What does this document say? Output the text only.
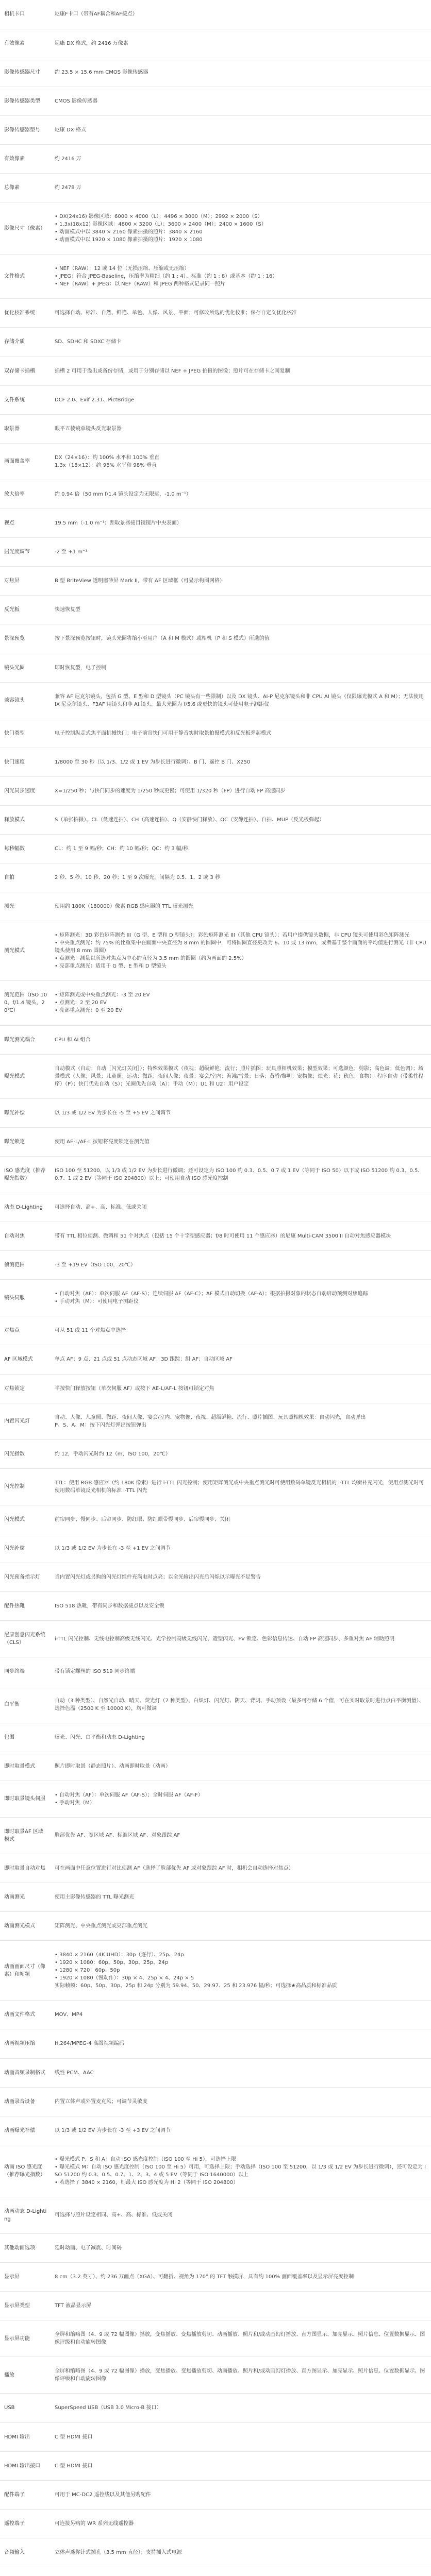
相机卡口	尼康F卡口（带有AF耦合和AF接点）
有效像素	尼康 DX 格式，约 2416 万像素
影像传感器尺寸	约 23.5 × 15.6 mm CMOS 影像传感器
影像传感器类型	CMOS 影像传感器
影像传感器型号	尼康 DX 格式
有效像素	约 2416 万
总像素	约 2478 万
影像尺寸（像素）	• DX(24x16) 影像区域：6000 × 4000（L）；4496 × 3000（M）；2992 × 2000（S）
• 1.3x(18x12) 影像区域：4800 × 3200（L）；3600 × 2400（M）；2400 × 1600（S）
• 动画模式中以 3840 × 2160 像素拍摄的照片：3840 × 2160
• 动画模式中以 1920 × 1080 像素拍摄的照片：1920 × 1080
文件格式	• NEF（RAW）：12 或 14 位（无损压缩、压缩或无压缩）
• JPEG：符合 JPEG-Baseline，压缩率为精细（约 1 : 4）、标准（约 1 : 8）或基本（约 1 : 16）
• NEF（RAW）+ JPEG：以 NEF（RAW）和 JPEG 两种格式记录同一照片
优化校准系统	可选择自动、标准、自然、鲜艳、单色、人像、风景、平面；可修改所选的优化校准；保存自定义优化校准
存储介质	SD、SDHC 和 SDXC 存储卡
双存储卡插槽	插槽 2 可用于溢出或备份存储，或用于分别存储以 NEF + JPEG 拍摄的图像；照片可在存储卡之间复制
文件系统	DCF 2.0、Exif 2.31、PictBridge
取景器	眼平五棱镜单镜头反光取景器
画面覆盖率	DX（24×16）：约 100% 水平和 100% 垂直
1.3x（18×12）：约 98% 水平和 98% 垂直
放大倍率	约 0.94 倍（50 mm f/1.4 镜头设定为无限远，-1.0 m⁻¹）
视点	19.5 mm（-1.0 m⁻¹；距取景器接目镜镜片中央表面）
屈光度调节	-2 至 +1 m⁻¹
对焦屏	B 型 BriteView 透明磨砂屏 Mark II，带有 AF 区域框（可显示构图网格）
反光板	快速恢复型
景深预览	按下景深预览按钮时，镜头光圈将缩小至用户（A 和 M 模式）或相机（P 和 S 模式）所选的值
镜头光圈	即时恢复型，电子控制
兼容镜头	兼容 AF 尼克尔镜头，包括 G 型、E 型和 D 型镜头（PC 镜头有一些限制）以及 DX 镜头、AI-P 尼克尔镜头和非 CPU AI 镜头（仅限曝光模式 A 和 M）；无法使用 IX 尼克尔镜头、F3AF 用镜头和非 AI 镜头。最大光圈为 f/5.6 或更快的镜头可使用电子测距仪
快门类型	电子控制纵走式焦平面机械快门；电子前帘快门可用于静音实时取景拍摄模式和反光板弹起模式
快门速度	1/8000 至 30 秒（以 1/3、1/2 或 1 EV 为步长进行微调）、B 门、遥控 B 门、X250
闪光同步速度	X=1/250 秒；与快门同步的速度为 1/250 秒或更慢；可使用 1/320 秒（FP）进行自动 FP 高速同步
释放模式	S（单张拍摄）、CL（低速连拍）、CH（高速连拍）、Q（安静快门释放）、QC（安静连拍）、自拍、MUP（反光板弹起）
每秒幅数	CL：约 1 至 9 幅/秒；CH：约 10 幅/秒；QC：约 3 幅/秒
自拍	2 秒、5 秒、10 秒、20 秒；1 至 9 次曝光，间隔为 0.5、1、2 或 3 秒
测光	使用约 180K（180000）像素 RGB 感应器的 TTL 曝光测光
测光模式	• 矩阵测光：3D 彩色矩阵测光 III（G 型、E 型和 D 型镜头）；彩色矩阵测光 III（其他 CPU 镜头）；若用户提供镜头数据，非 CPU 镜头可使用彩色矩阵测光
• 中央重点测光：约 75% 的比重集中在画面中央直径为 8 mm 的圆圈中，可将圆圈直径更改为 6、10 或 13 mm，或者基于整个画面的平均值进行测光（非 CPU 镜头使用 8 mm 圆圈）
• 点测光：测量以所选对焦点为中心的直径为 3.5 mm 的圆圈（约为画面的 2.5%）
• 亮部重点测光：适用于 G 型、E 型和 D 型镜头
测光范围（ISO 100，f/1.4 镜头，20℃）	• 矩阵测光或中央重点测光：-3 至 20 EV
• 点测光：2 至 20 EV
• 亮部重点测光：0 至 20 EV
曝光测光耦合	CPU 和 AI 组合
曝光模式	自动模式（自动；自动［闪光灯关闭］）；特殊效果模式（夜视；超级鲜艳；流行；照片插图；玩具照相机效果；模型效果；可选颜色；剪影；高色调；低色调）；场景模式（人像；风景；儿童照；运动；微距；夜间人像；夜景；宴会/室内；海滩/雪景；日落；黄昏/黎明；宠物像；烛光；花；秋色；食物）；程序自动（带柔性程序）（P）；快门优先自动（S）；光圈优先自动（A）；手动（M）；U1 和 U2：用户设定
曝光补偿	以 1/3 或 1/2 EV 为步长在 -5 至 +5 EV 之间调节
曝光锁定	使用 AE-L/AF-L 按钮将亮度锁定在测光值
ISO 感光度（推荐曝光指数）	ISO 100 至 51200，以 1/3 或 1/2 EV 为步长进行微调；还可设定为 ISO 100 约 0.3、0.5、0.7 或 1 EV（等同于 ISO 50）以下或 ISO 51200 约 0.3、0.5、0.7、1 或 2 EV（等同于 ISO 204800）以上；可使用自动 ISO 感光度控制
动态 D-Lighting	可选择自动、高+、高、标准、低或关闭
自动对焦	带有 TTL 相位侦测、微调和 51 个对焦点（包括 15 个十字型感应器；f/8 时可使用 11 个感应器）的尼康 Multi-CAM 3500 II 自动对焦感应器模块
侦测范围	-3 至 +19 EV（ISO 100，20℃）
镜头伺服	• 自动对焦（AF）：单次伺服 AF（AF-S）；连续伺服 AF（AF-C）；AF 模式自动切换（AF-A）；根据拍摄对象的状态自动启动预测对焦追踪
• 手动对焦（M）：可使用电子测距仪
对焦点	可从 51 或 11 个对焦点中选择
AF 区域模式	单点 AF；9 点、21 点或 51 点动态区域 AF；3D 跟踪；组 AF；自动区域 AF
对焦锁定	半按快门释放按钮（单次伺服 AF）或按下 AE-L/AF-L 按钮可锁定对焦
内置闪光灯	自动、人像、儿童照、微距、夜间人像、宴会/室内、宠物像、夜视、超级鲜艳、流行、照片插图、玩具照相机效果：自动闪光，自动弹出
P、S、A、M：按下闪光灯弹出按钮弹出
闪光指数	约 12，手动闪光时约 12（m，ISO 100，20℃）
闪光控制	TTL：使用 RGB 感应器（约 180K 像素）进行 i-TTL 闪光控制；使用矩阵测光或中央重点测光时可使用数码单镜反光相机的 i-TTL 均衡补充闪光，使用点测光时可使用数码单镜反光相机的标准 i-TTL 闪光
闪光模式	前帘同步、慢同步、后帘同步、防红眼、防红眼带慢同步、后帘慢同步、关闭
闪光补偿	以 1/3 或 1/2 EV 为步长在 -3 至 +1 EV 之间调节
闪光预备指示灯	当内置闪光灯或另购的闪光灯组件充满电时点亮；以全光输出闪光后闪烁以示曝光不足警告
配件热靴	ISO 518 热靴，带有同步和数据接点以及安全锁
尼康创意闪光系统（CLS）	i-TTL 闪光控制、无线电控制高级无线闪光、光学控制高级无线闪光、造型闪光、FV 锁定、色彩信息传达、自动 FP 高速同步、多重对焦 AF 辅助照明
同步终端	带有锁定螺丝的 ISO 519 同步终端
白平衡	自动（3 种类型）、自然光自动、晴天、荧光灯（7 种类型）、白炽灯、闪光灯、阴天、背阴、手动预设（最多可存储 6 个值，可在实时取景时进行点白平衡测量）、选择色温（2500 K 至 10000 K），均可微调
包围	曝光、闪光、白平衡和动态 D-Lighting
即时取景模式	照片即时取景（静态照片）、动画即时取景（动画）
即时取景镜头伺服	• 自动对焦（AF）：单次伺服 AF（AF-S）；全时伺服 AF（AF-F）
• 手动对焦（M）
即时取景AF 区域模式	脸部优先 AF、宽区域 AF、标准区域 AF、对象跟踪 AF
即时取景自动对焦	可在画面中任意位置进行对比侦测 AF（选择了脸部优先 AF 或对象跟踪 AF 时，相机会自动选择对焦点）
动画测光	使用主影像传感器的 TTL 曝光测光
动画测光模式	矩阵测光、中央重点测光或亮部重点测光
动画画面尺寸（像素）和帧频	• 3840 × 2160（4K UHD）：30p（逐行）、25p、24p
• 1920 × 1080：60p、50p、30p、25p、24p
• 1280 × 720：60p、50p
• 1920 × 1080（慢动作）：30p × 4、25p × 4、24p × 5
实际帧频：60p、50p、30p、25p 和 24p 分别为 59.94、50、29.97、25 和 23.976 幅/秒；可选择★高品质和标准品质
动画文件格式	MOV、MP4
动画视频压缩	H.264/MPEG-4 高级视频编码
动画音频录制格式	线性 PCM、AAC
动画录音设备	内置立体声或外置麦克风；可调节灵敏度
动画曝光补偿	以 1/3 或 1/2 EV 为步长在 -3 至 +3 EV 之间调节
动画 ISO 感光度（推荐曝光指数）	• 曝光模式 P、S 和 A：自动 ISO 感光度控制（ISO 100 至 Hi 5），可选择上限
• 曝光模式 M：自动 ISO 感光度控制（ISO 100 至 Hi 5）可用，可选择上限；手动选择（ISO 100 至 51200，以 1/3 或 1/2 EV 为步长进行微调），还可设定为 ISO 51200 约 0.3、0.5、0.7、1、2、3、4 或 5 EV（等同于 ISO 1640000）以上
• 若选择了 3840 × 2160，则最大 ISO 感光度为 Hi 2（等同于 ISO 204800）
动画动态 D-Lighting	可选择与照片设定相同、高+、高、标准、低或关闭
其他动画选项	延时动画、电子减震、时间码
显示屏	8 cm（3.2 英寸）、约 236 万画点（XGA）、可翻折、视角为 170° 的 TFT 触摸屏，具有约 100% 画面覆盖率以及显示屏亮度控制
显示屏类型	TFT 液晶显示屏
显示屏功能	全屏和缩略图（4、9 或 72 幅图像）播放，变焦播放、变焦播放剪切、动画播放、照片和/或动画幻灯播放、直方图显示、加亮显示、照片信息、位置数据显示、图像评级和自动旋转图像
播放	全屏和缩略图（4、9 或 72 幅图像）播放，变焦播放、变焦播放剪切、动画播放、照片和/或动画幻灯播放、直方图显示、加亮显示、照片信息、位置数据显示、图像评级和自动旋转图像
USB	SuperSpeed USB（USB 3.0 Micro-B 接口）
HDMI 输出	C 型 HDMI 接口
HDMI 输出接口	C 型 HDMI 接口
配件端子	可用于 MC-DC2 遥控线以及其他另购配件
遥控端子	可连接另购的 WR 系列无线遥控器
音频输入	立体声迷你针式插孔（3.5 mm 直径）；支持插入式电源
